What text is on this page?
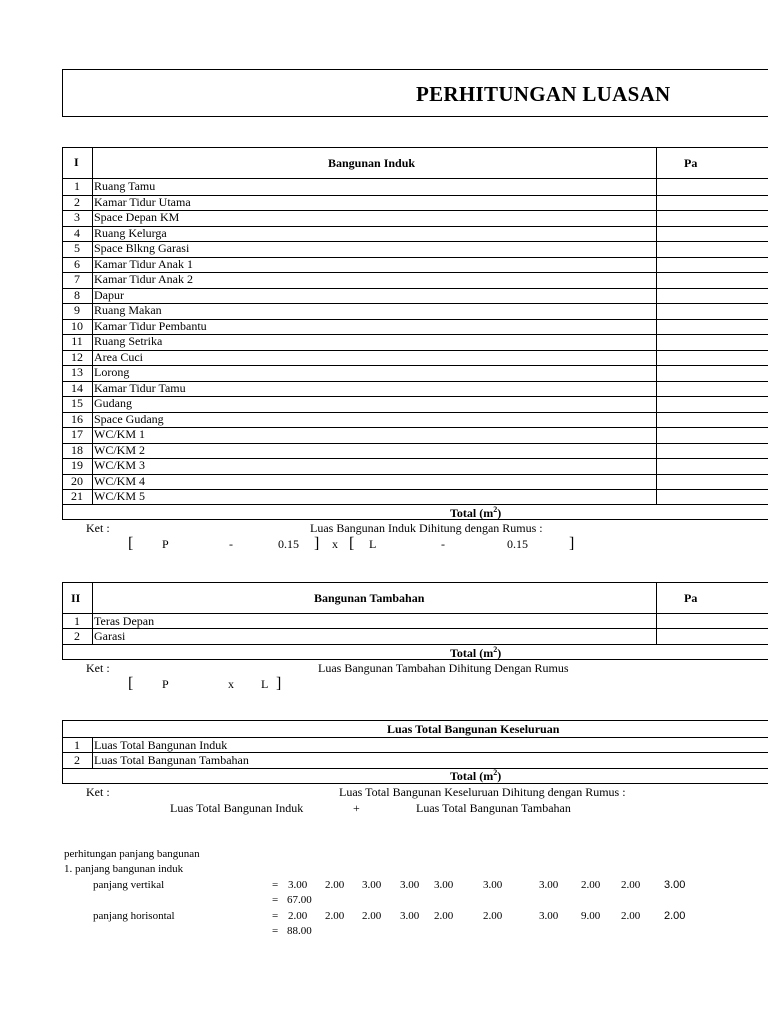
PERHITUNGAN LUASAN
I	Bangunan Induk	Pa
1	Ruang Tamu
2	Kamar Tidur Utama
3	Space Depan KM
4	Ruang Kelurga
5	Space Blkng Garasi
6	Kamar Tidur Anak 1
7	Kamar Tidur Anak 2
8	Dapur
9	Ruang Makan
10 Kamar Tidur Pembantu
11 Ruang Setrika
12 Area Cuci
13 Lorong
14 Kamar Tidur Tamu
15 Gudang
16 Space Gudang
17 WC/KM 1
18 WC/KM 2
19 WC/KM 3
20 WC/KM 4
21 WC/KM 5
Total $(m^2)$
Ket :	Luas Bangunan Induk Dihitung dengan Rumus :
[ P	-	0.15 ] x [ L	-	0.15	]
II	Bangunan Tambahan	Pa
1	Teras Depan
2	Garasi
Total $(m^2)$
Ket :	Luas Bangunan Tambahan Dihitung Dengan Rumus
[ P	x L ]
Luas Total Bangunan Keseluruan
1	Luas Total Bangunan Induk
2	Luas Total Bangunan Tambahan
Total $(m^2)$
Ket :	Luas Total Bangunan Keseluruan Dihitung dengan Rumus :
Luas Total Bangunan Induk	+	Luas Total Bangunan Tambahan
perhitungan panjang bangunan
1. panjang bangunan induk
panjang vertikal	= 3.00 2.00 3.00 3.00 3.00	3.00	3.00 2.00 2.00 3.00
= 67.00
panjang horisontal	= 2.00 2.00 2.00 3.00 2.00	2.00	3.00 9.00 2.00 2.00
= 88.00
